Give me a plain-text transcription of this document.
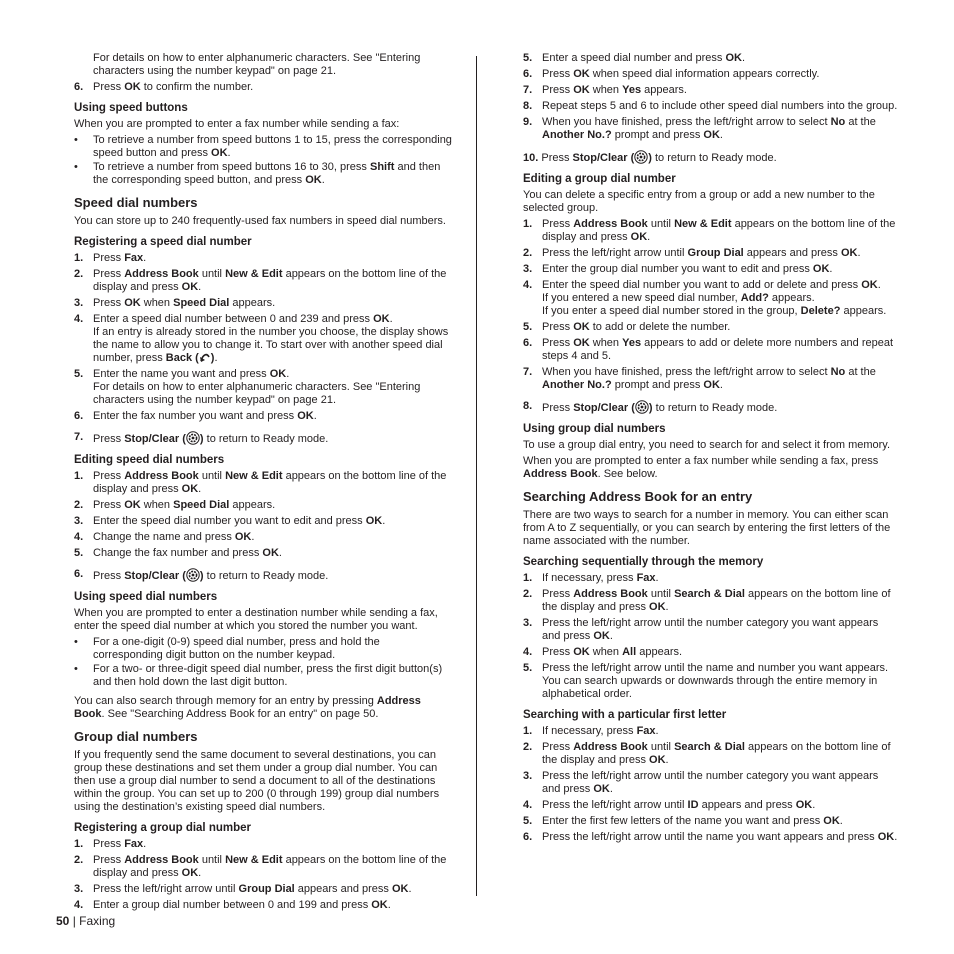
For details on how to enter alphanumeric characters. See "Entering characters using the number keypad" on page 21.
6. Press OK to confirm the number.
Using speed buttons
When you are prompted to enter a fax number while sending a fax:
•	To retrieve a number from speed buttons 1 to 15, press the corresponding speed button and press OK.
•	To retrieve a number from speed buttons 16 to 30, press Shift and then the corresponding speed button, and press OK.
Speed dial numbers
You can store up to 240 frequently-used fax numbers in speed dial numbers.
Registering a speed dial number
1. Press Fax.
2. Press Address Book until New & Edit appears on the bottom line of the display and press OK.
3. Press OK when Speed Dial appears.
4. Enter a speed dial number between 0 and 239 and press OK.
If an entry is already stored in the number you choose, the display shows the name to allow you to change it. To start over with another speed dial number, press Back ( ).
5. Enter the name you want and press OK.
For details on how to enter alphanumeric characters. See "Entering characters using the number keypad" on page 21.
6. Enter the fax number you want and press OK.
7. Press Stop/Clear ( ) to return to Ready mode.
Editing speed dial numbers
1. Press Address Book until New & Edit appears on the bottom line of the display and press OK.
2. Press OK when Speed Dial appears.
3. Enter the speed dial number you want to edit and press OK.
4. Change the name and press OK.
5. Change the fax number and press OK.
6. Press Stop/Clear ( ) to return to Ready mode.
Using speed dial numbers
When you are prompted to enter a destination number while sending a fax, enter the speed dial number at which you stored the number you want.
•	For a one-digit (0-9) speed dial number, press and hold the corresponding digit button on the number keypad.
•	For a two- or three-digit speed dial number, press the first digit button(s) and then hold down the last digit button.
You can also search through memory for an entry by pressing Address Book. See "Searching Address Book for an entry" on page 50.
Group dial numbers
If you frequently send the same document to several destinations, you can group these destinations and set them under a group dial number. You can then use a group dial number to send a document to all of the destinations within the group. You can set up to 200 (0 through 199) group dial numbers using the destination’s existing speed dial numbers.
Registering a group dial number
1. Press Fax.
2. Press Address Book until New & Edit appears on the bottom line of the display and press OK.
3. Press the left/right arrow until Group Dial appears and press OK.
4. Enter a group dial number between 0 and 199 and press OK.
5. Enter a speed dial number and press OK.
6. Press OK when speed dial information appears correctly.
7. Press OK when Yes appears.
8. Repeat steps 5 and 6 to include other speed dial numbers into the group.
9. When you have finished, press the left/right arrow to select No at the Another No.? prompt and press OK.
10. Press Stop/Clear ( ) to return to Ready mode.
Editing a group dial number
You can delete a specific entry from a group or add a new number to the selected group.
1. Press Address Book until New & Edit appears on the bottom line of the display and press OK.
2. Press the left/right arrow until Group Dial appears and press OK.
3. Enter the group dial number you want to edit and press OK.
4. Enter the speed dial number you want to add or delete and press OK.
If you entered a new speed dial number, Add? appears.
If you enter a speed dial number stored in the group, Delete? appears.
5. Press OK to add or delete the number.
6. Press OK when Yes appears to add or delete more numbers and repeat steps 4 and 5.
7. When you have finished, press the left/right arrow to select No at the Another No.? prompt and press OK.
8. Press Stop/Clear ( ) to return to Ready mode.
Using group dial numbers
To use a group dial entry, you need to search for and select it from memory.
When you are prompted to enter a fax number while sending a fax, press Address Book. See below.
Searching Address Book for an entry
There are two ways to search for a number in memory. You can either scan from A to Z sequentially, or you can search by entering the first letters of the name associated with the number.
Searching sequentially through the memory
1. If necessary, press Fax.
2. Press Address Book until Search & Dial appears on the bottom line of the display and press OK.
3. Press the left/right arrow until the number category you want appears and press OK.
4. Press OK when All appears.
5. Press the left/right arrow until the name and number you want appears. You can search upwards or downwards through the entire memory in alphabetical order.
Searching with a particular first letter
1. If necessary, press Fax.
2. Press Address Book until Search & Dial appears on the bottom line of the display and press OK.
3. Press the left/right arrow until the number category you want appears and press OK.
4. Press the left/right arrow until ID appears and press OK.
5. Enter the first few letters of the name you want and press OK.
6. Press the left/right arrow until the name you want appears and press OK.
50 | Faxing
